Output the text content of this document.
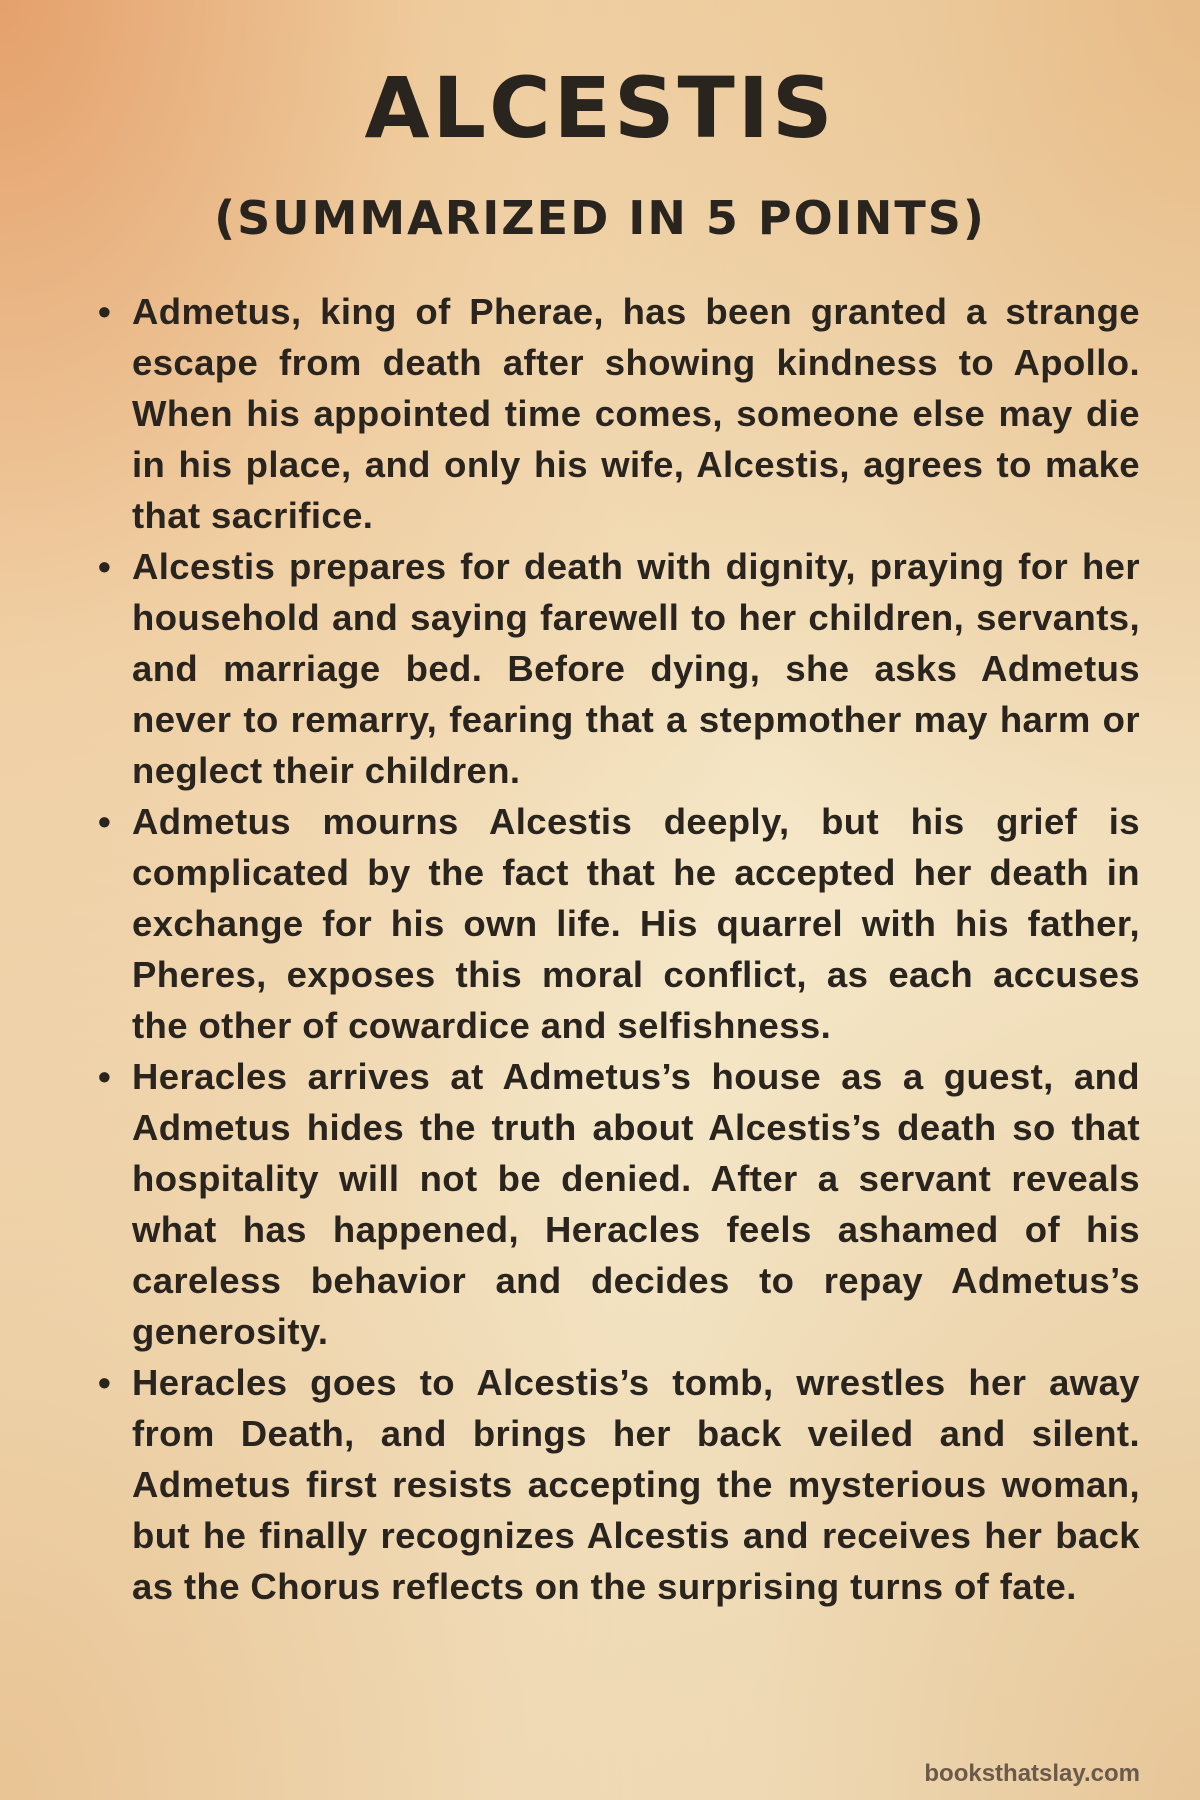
ALCESTIS
(SUMMARIZED IN 5 POINTS)
• Admetus, king of Pherae, has been granted a strange escape from death after showing kindness to Apollo. When his appointed time comes, someone else may die in his place, and only his wife, Alcestis, agrees to make that sacrifice.
• Alcestis prepares for death with dignity, praying for her household and saying farewell to her children, servants, and marriage bed. Before dying, she asks Admetus never to remarry, fearing that a stepmother may harm or neglect their children.
• Admetus mourns Alcestis deeply, but his grief is complicated by the fact that he accepted her death in exchange for his own life. His quarrel with his father, Pheres, exposes this moral conflict, as each accuses the other of cowardice and selfishness.
• Heracles arrives at Admetus’s house as a guest, and Admetus hides the truth about Alcestis’s death so that hospitality will not be denied. After a servant reveals what has happened, Heracles feels ashamed of his careless behavior and decides to repay Admetus’s generosity.
• Heracles goes to Alcestis’s tomb, wrestles her away from Death, and brings her back veiled and silent. Admetus first resists accepting the mysterious woman, but he finally recognizes Alcestis and receives her back as the Chorus reflects on the surprising turns of fate.
booksthatslay.com
